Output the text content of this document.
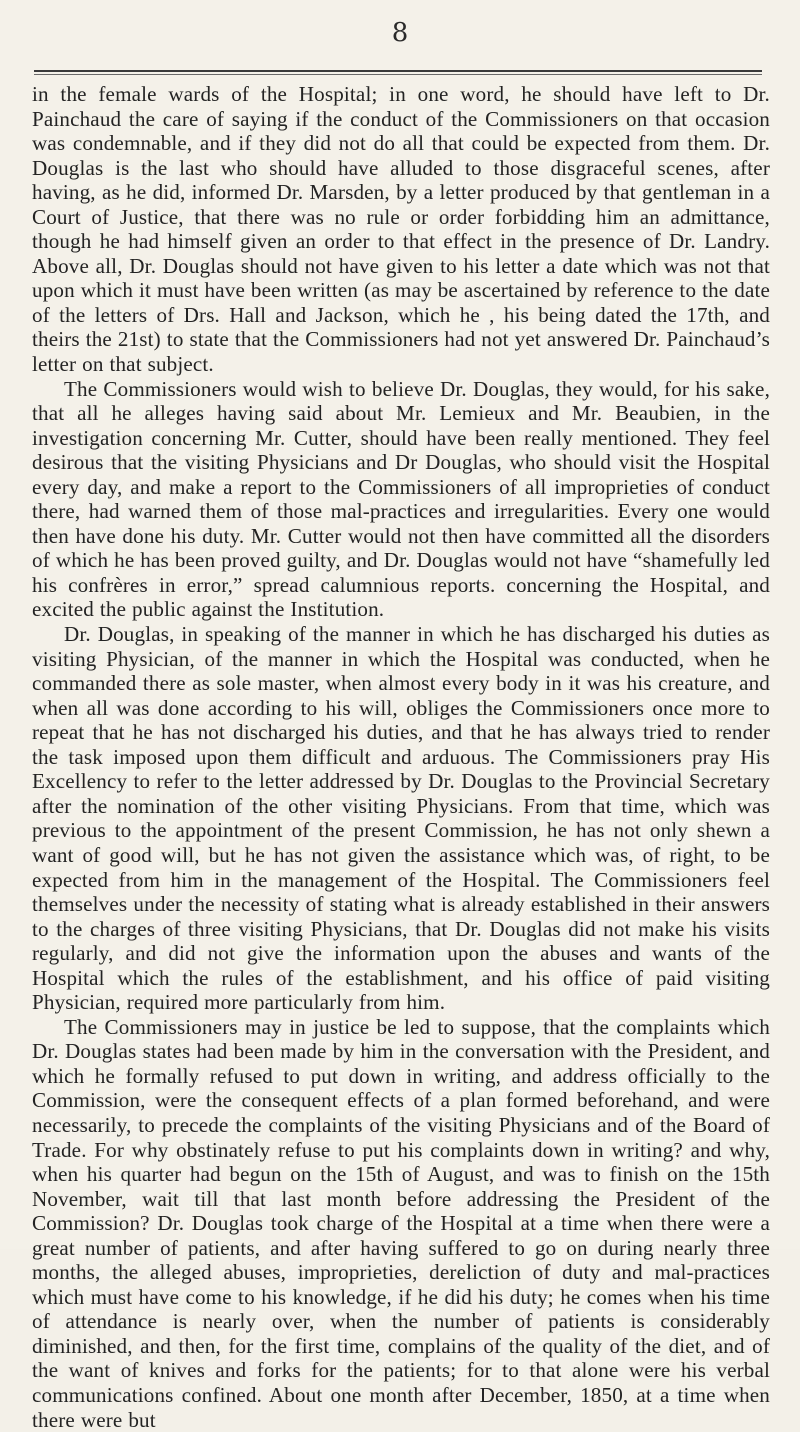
8

in the female wards of the Hospital; in one word, he should have left to Dr. Painchaud the care of saying if the conduct of the Commissioners on that occasion was condemnable, and if they did not do all that could be expected from them. Dr. Douglas is the last who should have alluded to those disgraceful scenes, after having, as he did, informed Dr. Marsden, by a letter produced by that gentleman in a Court of Justice, that there was no rule or order forbidding him an admittance, though he had himself given an order to that effect in the presence of Dr. Landry. Above all, Dr. Douglas should not have given to his letter a date which was not that upon which it must have been written (as may be ascertained by reference to the date of the letters of Drs. Hall and Jackson, which he , his being dated the 17th, and theirs the 21st) to state that the Commissioners had not yet answered Dr. Painchaud’s letter on that subject.

The Commissioners would wish to believe Dr. Douglas, they would, for his sake, that all he alleges having said about Mr. Lemieux and Mr. Beaubien, in the investigation concerning Mr. Cutter, should have been really mentioned. They feel desirous that the visiting Physicians and Dr Douglas, who should visit the Hospital every day, and make a report to the Commissioners of all improprieties of conduct there, had warned them of those mal-practices and irregularities. Every one would then have done his duty. Mr. Cutter would not then have committed all the disorders of which he has been proved guilty, and Dr. Douglas would not have “shamefully led his confrères in error,” spread calumnious reports. concerning the Hospital, and excited the public against the Institution.

Dr. Douglas, in speaking of the manner in which he has discharged his duties as visiting Physician, of the manner in which the Hospital was conducted, when he commanded there as sole master, when almost every body in it was his creature, and when all was done according to his will, obliges the Commissioners once more to repeat that he has not discharged his duties, and that he has always tried to render the task imposed upon them difficult and arduous. The Commissioners pray His Excellency to refer to the letter addressed by Dr. Douglas to the Provincial Secretary after the nomination of the other visiting Physicians. From that time, which was previous to the appointment of the present Commission, he has not only shewn a want of good will, but he has not given the assistance which was, of right, to be expected from him in the management of the Hospital. The Commissioners feel themselves under the necessity of stating what is already established in their answers to the charges of three visiting Physicians, that Dr. Douglas did not make his visits regularly, and did not give the information upon the abuses and wants of the Hospital which the rules of the establishment, and his office of paid visiting Physician, required more particularly from him.

The Commissioners may in justice be led to suppose, that the complaints which Dr. Douglas states had been made by him in the conversation with the President, and which he formally refused to put down in writing, and address officially to the Commission, were the consequent effects of a plan formed beforehand, and were necessarily, to precede the complaints of the visiting Physicians and of the Board of Trade. For why obstinately refuse to put his complaints down in writing? and why, when his quarter had begun on the 15th of August, and was to finish on the 15th November, wait till that last month before addressing the President of the Commission? Dr. Douglas took charge of the Hospital at a time when there were a great number of patients, and after having suffered to go on during nearly three months, the alleged abuses, improprieties, dereliction of duty and mal-practices which must have come to his knowledge, if he did his duty; he comes when his time of attendance is nearly over, when the number of patients is considerably diminished, and then, for the first time, complains of the quality of the diet, and of the want of knives and forks for the patients; for to that alone were his verbal communications confined. About one month after December, 1850, at a time when there were but
